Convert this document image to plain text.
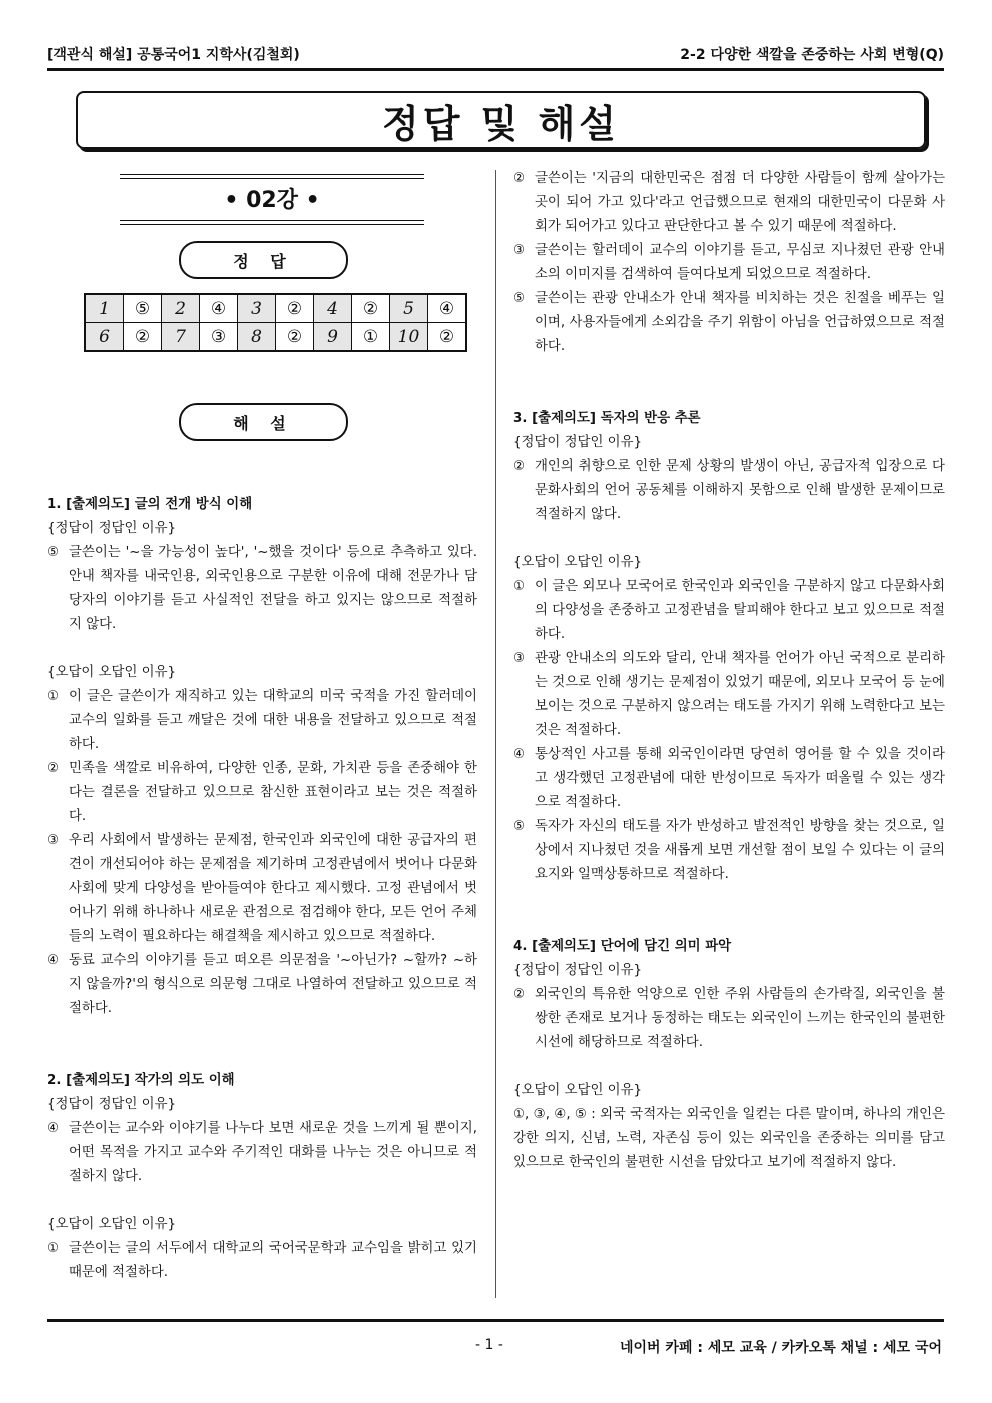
[객관식 해설] 공통국어1 지학사(김철회)	2-2 다양한 색깔을 존중하는 사회 변형(Q)
정답 및 해설
• 02강 •
정 답
1	⑤	2	④	3	②	4	②	5	④
6	②	7	③	8	②	9	①	10	②
해 설
1. [출제의도] 글의 전개 방식 이해
{정답이 정답인 이유}
⑤ 글쓴이는 '~을 가능성이 높다', '~했을 것이다' 등으로 추측하고 있다. 안내 책자를 내국인용, 외국인용으로 구분한 이유에 대해 전문가나 담당자의 이야기를 듣고 사실적인 전달을 하고 있지는 않으므로 적절하지 않다.
{오답이 오답인 이유}
① 이 글은 글쓴이가 재직하고 있는 대학교의 미국 국적을 가진 할러데이 교수의 일화를 듣고 깨달은 것에 대한 내용을 전달하고 있으므로 적절하다.
② 민족을 색깔로 비유하여, 다양한 인종, 문화, 가치관 등을 존중해야 한다는 결론을 전달하고 있으므로 참신한 표현이라고 보는 것은 적절하다.
③ 우리 사회에서 발생하는 문제점, 한국인과 외국인에 대한 공급자의 편견이 개선되어야 하는 문제점을 제기하며 고정관념에서 벗어나 다문화사회에 맞게 다양성을 받아들여야 한다고 제시했다. 고정 관념에서 벗어나기 위해 하나하나 새로운 관점으로 점검해야 한다, 모든 언어 주체들의 노력이 필요하다는 해결책을 제시하고 있으므로 적절하다.
④ 동료 교수의 이야기를 듣고 떠오른 의문점을 '~아닌가? ~할까? ~하지 않을까?'의 형식으로 의문형 그대로 나열하여 전달하고 있으므로 적절하다.
2. [출제의도] 작가의 의도 이해
{정답이 정답인 이유}
④ 글쓴이는 교수와 이야기를 나누다 보면 새로운 것을 느끼게 될 뿐이지, 어떤 목적을 가지고 교수와 주기적인 대화를 나누는 것은 아니므로 적절하지 않다.
{오답이 오답인 이유}
① 글쓴이는 글의 서두에서 대학교의 국어국문학과 교수임을 밝히고 있기 때문에 적절하다.
② 글쓴이는 '지금의 대한민국은 점점 더 다양한 사람들이 함께 살아가는 곳이 되어 가고 있다'라고 언급했으므로 현재의 대한민국이 다문화 사회가 되어가고 있다고 판단한다고 볼 수 있기 때문에 적절하다.
③ 글쓴이는 할러데이 교수의 이야기를 듣고, 무심코 지나쳤던 관광 안내소의 이미지를 검색하여 들여다보게 되었으므로 적절하다.
⑤ 글쓴이는 관광 안내소가 안내 책자를 비치하는 것은 친절을 베푸는 일이며, 사용자들에게 소외감을 주기 위함이 아님을 언급하였으므로 적절하다.
3. [출제의도] 독자의 반응 추론
{정답이 정답인 이유}
② 개인의 취향으로 인한 문제 상황의 발생이 아닌, 공급자적 입장으로 다문화사회의 언어 공동체를 이해하지 못함으로 인해 발생한 문제이므로 적절하지 않다.
{오답이 오답인 이유}
① 이 글은 외모나 모국어로 한국인과 외국인을 구분하지 않고 다문화사회의 다양성을 존중하고 고정관념을 탈피해야 한다고 보고 있으므로 적절하다.
③ 관광 안내소의 의도와 달리, 안내 책자를 언어가 아닌 국적으로 분리하는 것으로 인해 생기는 문제점이 있었기 때문에, 외모나 모국어 등 눈에 보이는 것으로 구분하지 않으려는 태도를 가지기 위해 노력한다고 보는 것은 적절하다.
④ 통상적인 사고를 통해 외국인이라면 당연히 영어를 할 수 있을 것이라고 생각했던 고정관념에 대한 반성이므로 독자가 떠올릴 수 있는 생각으로 적절하다.
⑤ 독자가 자신의 태도를 자가 반성하고 발전적인 방향을 찾는 것으로, 일상에서 지나쳤던 것을 새롭게 보면 개선할 점이 보일 수 있다는 이 글의 요지와 일맥상통하므로 적절하다.
4. [출제의도] 단어에 담긴 의미 파악
{정답이 정답인 이유}
② 외국인의 특유한 억양으로 인한 주위 사람들의 손가락질, 외국인을 불쌍한 존재로 보거나 동정하는 태도는 외국인이 느끼는 한국인의 불편한 시선에 해당하므로 적절하다.
{오답이 오답인 이유}
①, ③, ④, ⑤ : 외국 국적자는 외국인을 일컫는 다른 말이며, 하나의 개인은 강한 의지, 신념, 노력, 자존심 등이 있는 외국인을 존중하는 의미를 담고 있으므로 한국인의 불편한 시선을 담았다고 보기에 적절하지 않다.
- 1 -	네이버 카페 : 세모 교육 / 카카오톡 채널 : 세모 국어
